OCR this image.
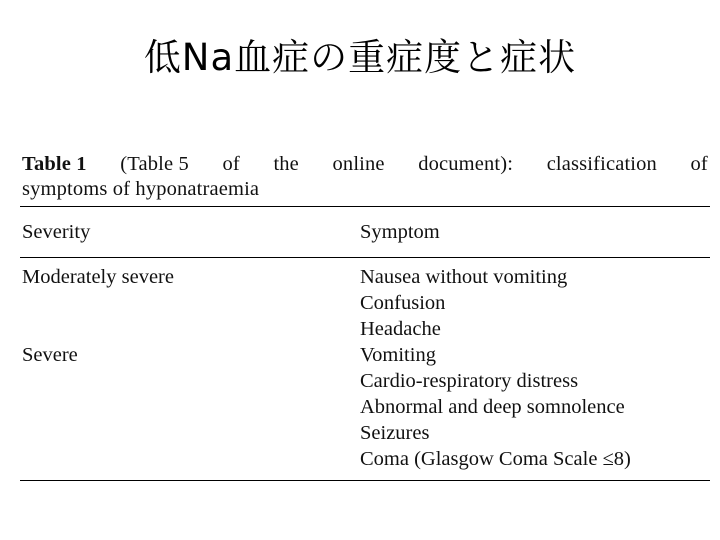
低Na血症の重症度と症状
Table 1 (Table 5 of the online document): classification of
symptoms of hyponatraemia
Severity	Symptom
Moderately severe	Nausea without vomiting
Confusion
Headache
Severe	Vomiting
Cardio-respiratory distress
Abnormal and deep somnolence
Seizures
Coma (Glasgow Coma Scale ≤8)
